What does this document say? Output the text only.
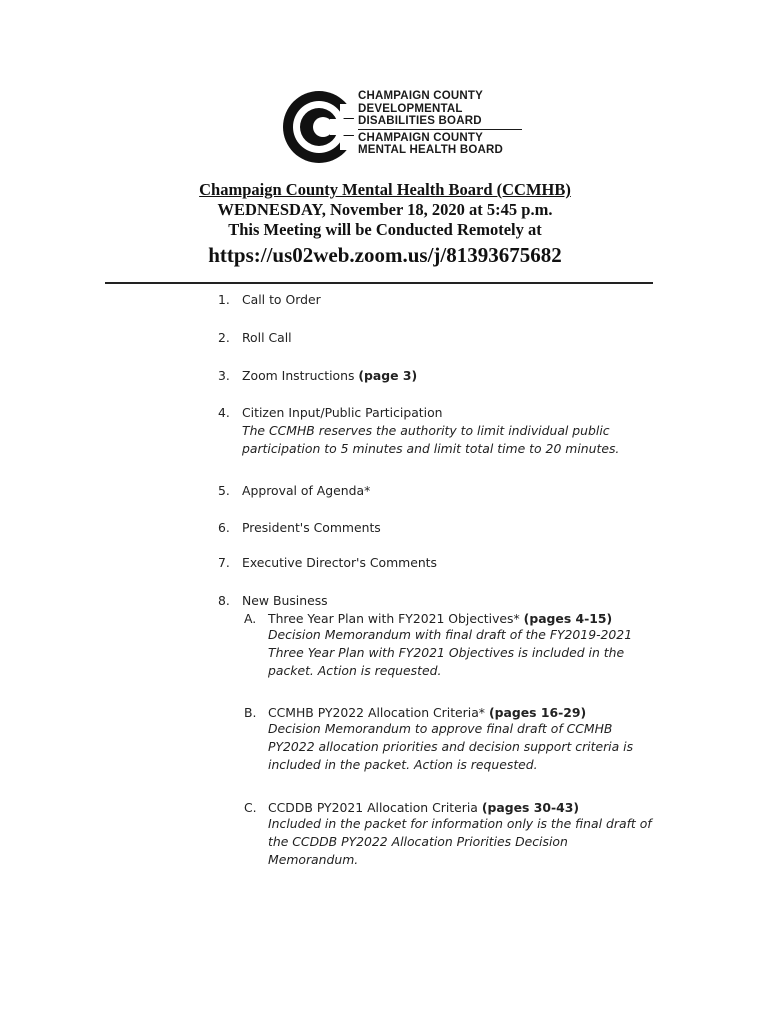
CHAMPAIGN COUNTY
DEVELOPMENTAL
DISABILITIES BOARD
CHAMPAIGN COUNTY
MENTAL HEALTH BOARD
Champaign County Mental Health Board (CCMHB)
WEDNESDAY, November 18, 2020 at 5:45 p.m.
This Meeting will be Conducted Remotely at
https://us02web.zoom.us/j/81393675682
1. Call to Order
2. Roll Call
3. Zoom Instructions (page 3)
4. Citizen Input/Public Participation
The CCMHB reserves the authority to limit individual public
participation to 5 minutes and limit total time to 20 minutes.
5. Approval of Agenda*
6. President's Comments
7. Executive Director's Comments
8. New Business
A. Three Year Plan with FY2021 Objectives* (pages 4-15)
Decision Memorandum with final draft of the FY2019-2021
Three Year Plan with FY2021 Objectives is included in the
packet. Action is requested.
B. CCMHB PY2022 Allocation Criteria* (pages 16-29)
Decision Memorandum to approve final draft of CCMHB
PY2022 allocation priorities and decision support criteria is
included in the packet. Action is requested.
C. CCDDB PY2021 Allocation Criteria (pages 30-43)
Included in the packet for information only is the final draft of
the CCDDB PY2022 Allocation Priorities Decision
Memorandum.
